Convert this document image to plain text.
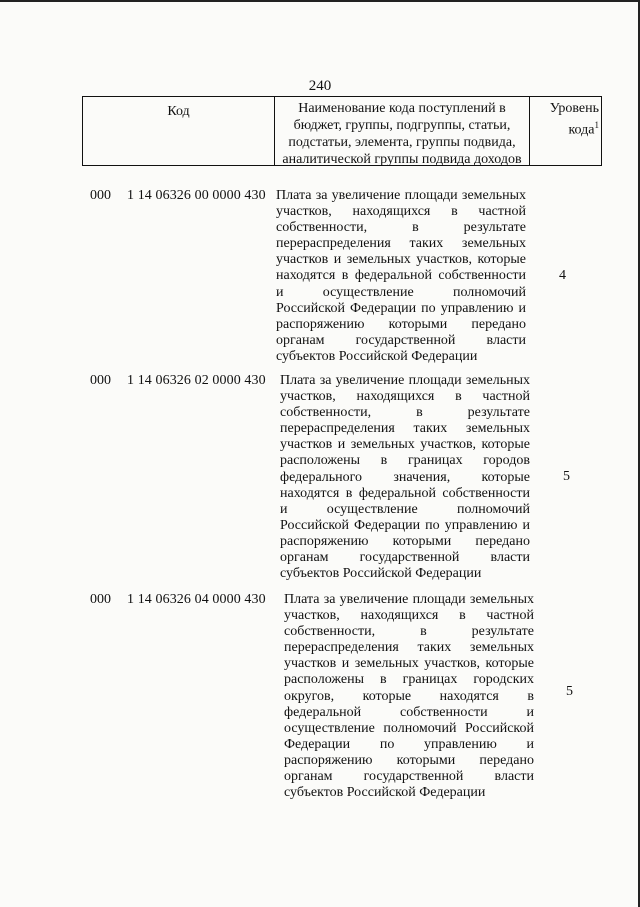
240
Код	Наименование кода поступлений в бюджет, группы, подгруппы, статьи, подстатьи, элемента, группы подвида, аналитической группы подвида доходов
Уровень кода$^1$
000 1 14 06326 00 0000 430 Плата за увеличение площади земельных участков, находящихся в частной собственности, в результате перераспределения таких земельных участков и земельных участков, которые находятся в федеральной собственности и осуществление полномочий Российской Федерации по управлению и распоряжению которыми передано органам государственной власти субъектов Российской Федерации
4
000 1 14 06326 02 0000 430 Плата за увеличение площади земельных участков, находящихся в частной собственности, в результате перераспределения таких земельных участков и земельных участков, которые расположены в границах городов федерального значения, которые находятся в федеральной собственности и осуществление полномочий Российской Федерации по управлению и распоряжению которыми передано органам государственной власти субъектов Российской Федерации
5
000 1 14 06326 04 0000 430 Плата за увеличение площади земельных участков, находящихся в частной собственности, в результате перераспределения таких земельных участков и земельных участков, которые расположены в границах городских округов, которые находятся в федеральной собственности и осуществление полномочий Российской Федерации по управлению и распоряжению которыми передано органам государственной власти субъектов Российской Федерации
5
